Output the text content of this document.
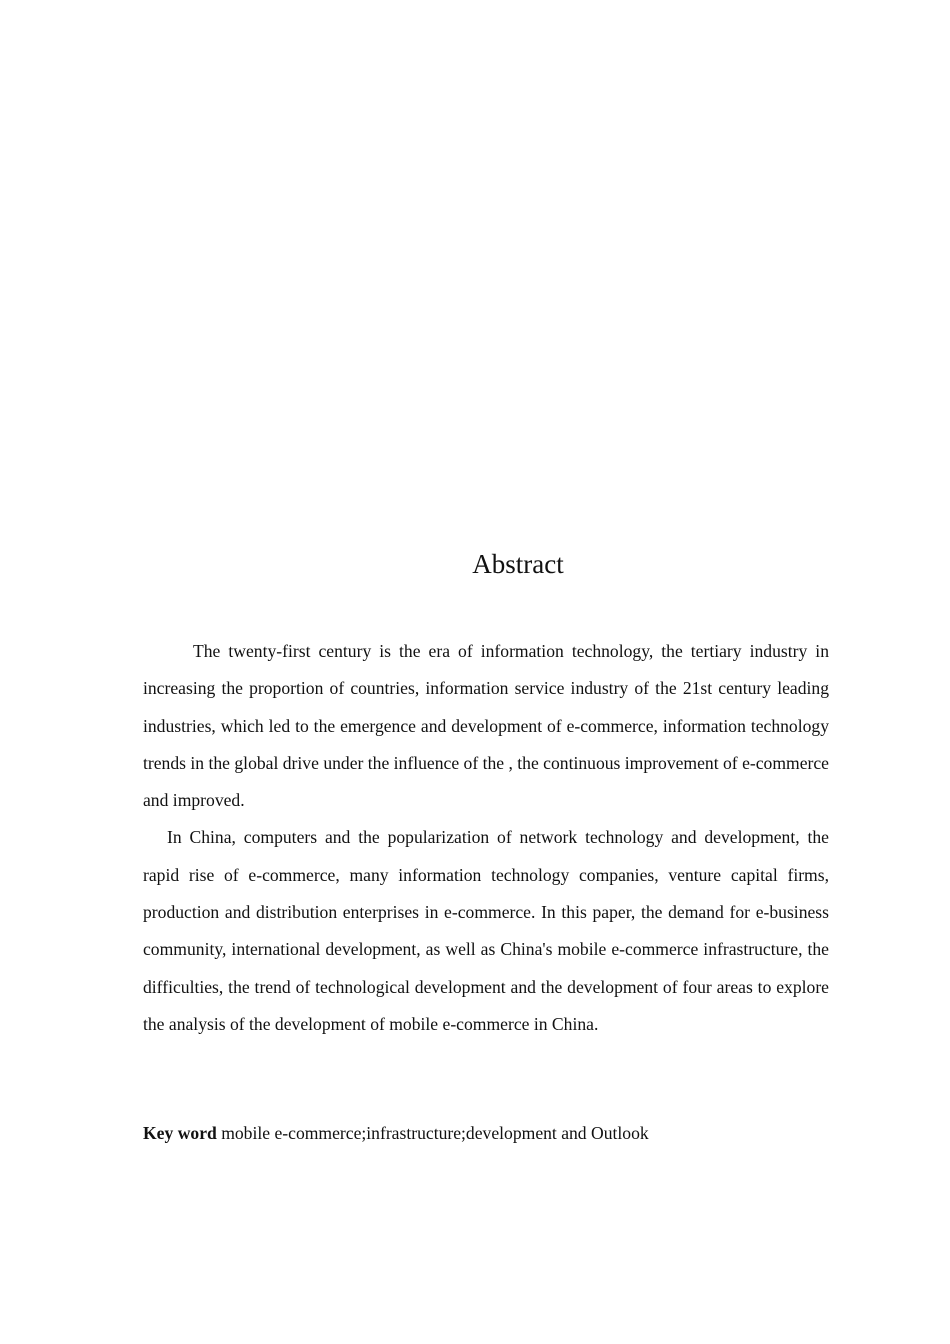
Abstract

The twenty-first century is the era of information technology, the tertiary industry in increasing the proportion of countries, information service industry of the 21st century leading industries, which led to the emergence and development of e-commerce, information technology trends in the global drive under the influence of the , the continuous improvement of e-commerce and improved.

In China, computers and the popularization of network technology and development, the rapid rise of e-commerce, many information technology companies, venture capital firms, production and distribution enterprises in e-commerce. In this paper, the demand for e-business community, international development, as well as China's mobile e-commerce infrastructure, the difficulties, the trend of technological development and the development of four areas to explore the analysis of the development of mobile e-commerce in China.

Key word mobile e-commerce;infrastructure;development and Outlook
